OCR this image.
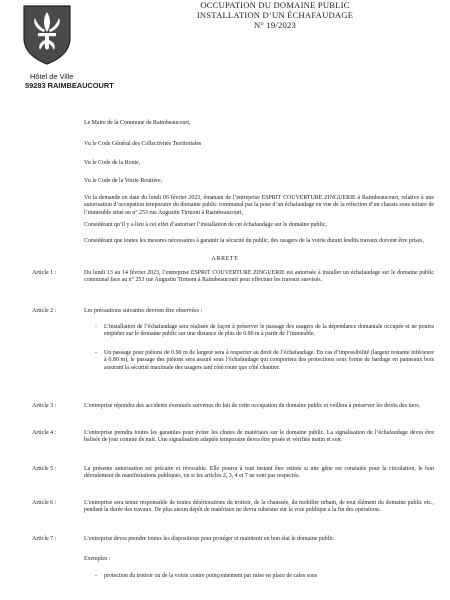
OCCUPATION DU DOMAINE PUBLIC
INSTALLATION D’UN ÉCHAFAUDAGE
N° 19/2023
Hôtel de Ville
59283 RAIMBEAUCOURT
Le Maire de la Commune de Raimbeaucourt,
Vu le Code Général des Collectivités Territoriales
Vu le Code de la Route,
Vu le Code de la Voirie Routière,
Vu la demande en date du lundi 06 février 2023, émanant de l’entreprise ESPRIT COUVERTURE ZINGUERIE à Raimbeaucourt, relative à une autorisation d’occupation temporaire du domaine public communal par la pose d’un échafaudage en vue de la réfection d’un chassis sous toiture de l’immeuble situé au n° 253 rue Augustin Tirmont à Raimbeaucourt,
Considérant qu’il y a lieu à cet effet d’autoriser l’installation de cet échafaudage sur le domaine public,
Considérant que toutes les mesures nécessaires à garantir la sécurité du public, des usagers de la voirie durant lesdits travaux doivent être prises,
ARRETE
Article 1 :	Du lundi 13 au 14 février 2023, l’entreprise ESPRIT COUVERTURE ZINGUERIE est autorisée à installer un échafaudage sur le domaine public communal face au n° 253 rue Augustin Tirmont à Raimbeaucourt pour effectuer les travaux susvisés.
Article 2 :	Les précautions suivantes devront être observées :
- L’installation de l’échafaudage sera réalisée de façon à préserver le passage des usagers de la dépendance domaniale occupée et ne pourra empiéter sur le domaine public sur une distance de plus de 0.90 m à partir de l’immeuble.
- Un passage pour piétons de 0.90 m de largeur sera à respecter au droit de l’échafaudage. En cas d’impossibilité (largeur restante inférieure à 0.80 m), le passage des piétons sera assuré sous l’échafaudage qui comportera des protections sous forme de bardage en panneaux bois assurant la sécurité maximale des usagers tant côté route que côté chantier.
Article 3 :	L’entreprise répondra des accidents éventuels survenus du fait de cette occupation du domaine public et veillera à préserver les droits des tiers.
Article 4 :	L’entreprise prendra toutes les garanties pour éviter les chutes de matériaux sur le domaine public. La signalisation de l’échafaudage devra être balisée de jour comme de nuit. Une signalisation adaptée temporaire devra être posée et vérifiée matin et soir.
Article 5 :	La présente autorisation est précaire et révocable. Elle pourra à tout instant être retirée si une gêne est constatée pour la circulation, le bon déroulement de manifestations publiques, ou si les articles 2, 3, 4 et 7 ne sont pas respectés.
Article 6 :	L’entreprise sera tenue responsable de toutes détériorations du trottoir, de la chaussée, du mobilier urbain, de tout élément du domaine public etc., pendant la durée des travaux. De plus aucun dépôt de matériaux ne devra subsister sur la voie publique à la fin des opérations.
Article 7 :	L’entreprise devra prendre toutes les dispositions pour protéger et maintenir en bon état le domaine public.
Exemples :
- protection du trottoir ou de la voirie contre poinçonnement par mise en place de cales sous
